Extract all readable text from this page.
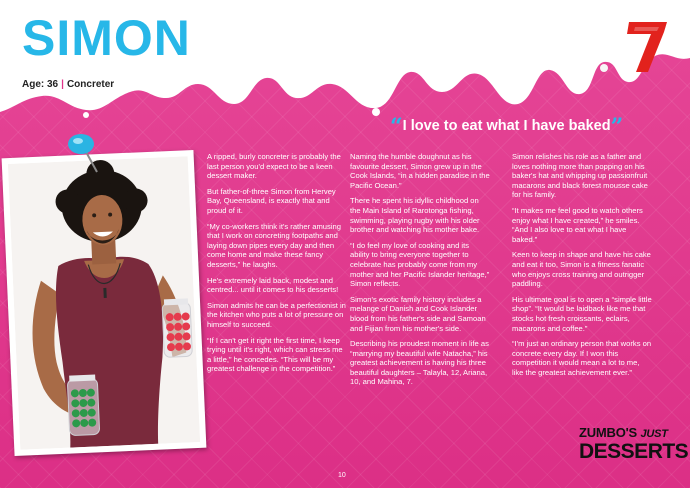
SIMON
Age: 36 | Concreter
“I love to eat what I have baked”

A ripped, burly concreter is probably the last person you'd expect to be a keen dessert maker.

But father-of-three Simon from Hervey Bay, Queensland, is exactly that and proud of it.

“My co-workers think it's rather amusing that I work on concreting footpaths and laying down pipes every day and then come home and make these fancy desserts,” he laughs.

He's extremely laid back, modest and centred... until it comes to his desserts!

Simon admits he can be a perfectionist in the kitchen who puts a lot of pressure on himself to succeed.

“If I can't get it right the first time, I keep trying until it's right, which can stress me a little,” he concedes. “This will be my greatest challenge in the competition.”

Naming the humble doughnut as his favourite dessert, Simon grew up in the Cook Islands, “in a hidden paradise in the Pacific Ocean.”

There he spent his idyllic childhood on the Main Island of Rarotonga fishing, swimming, playing rugby with his older brother and watching his mother bake.

“I do feel my love of cooking and its ability to bring everyone together to celebrate has probably come from my mother and her Pacific Islander heritage,” Simon reflects.

Simon's exotic family history includes a melange of Danish and Cook Islander blood from his father's side and Samoan and Fijian from his mother's side.

Describing his proudest moment in life as “marrying my beautiful wife Natacha,” his greatest achievement is having his three beautiful daughters – Talayla, 12, Ariana, 10, and Mahina, 7.

Simon relishes his role as a father and loves nothing more than popping on his baker's hat and whipping up passionfruit macarons and black forest mousse cake for his family.

“It makes me feel good to watch others enjoy what I have created,” he smiles. “And I also love to eat what I have baked.”

Keen to keep in shape and have his cake and eat it too, Simon is a fitness fanatic who enjoys cross training and outrigger paddling.

His ultimate goal is to open a “simple little shop”. “It would be laidback like me that stocks hot fresh croissants, eclairs, macarons and coffee.”

“I'm just an ordinary person that works on concrete every day. If I won this competition it would mean a lot to me, like the greatest achievement ever.”

10
ZUMBO'S JUST
DESSERTS
